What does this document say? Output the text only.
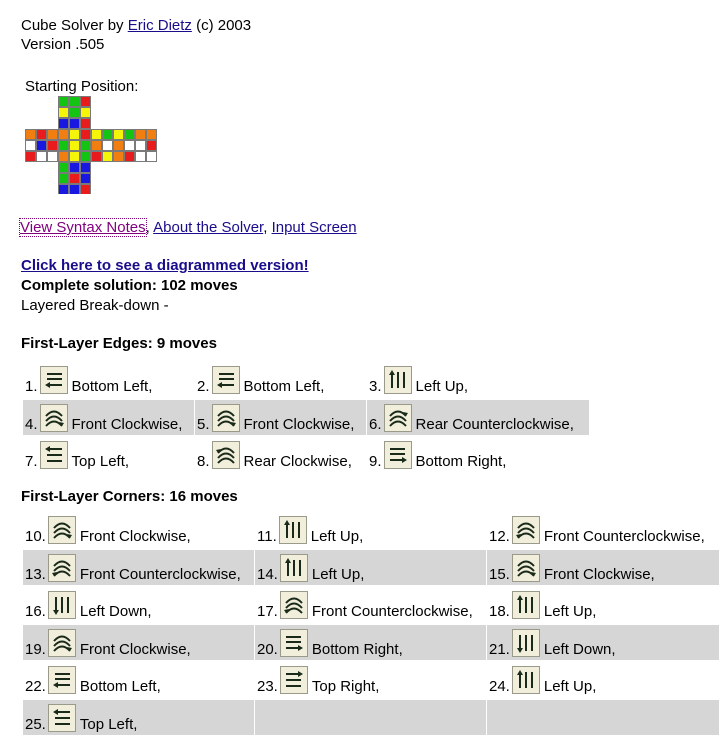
Cube Solver by Eric Dietz (c) 2003
Version .505
Starting Position:
View Syntax Notes, About the Solver, Input Screen
Click here to see a diagrammed version!
Complete solution: 102 moves
Layered Break-down -
First-Layer Edges: 9 moves
1. Bottom Left,	2. Bottom Left,	3. Left Up,
4. Front Clockwise, 5. Front Clockwise, 6. Rear Counterclockwise,
7. Top Left,	8. Rear Clockwise, 9. Bottom Right,
First-Layer Corners: 16 moves
10. Front Clockwise,	11. Left Up,	12. Front Counterclockwise,
13. Front Counterclockwise, 14. Left Up,	15. Front Clockwise,
16. Left Down,	17. Front Counterclockwise, 18. Left Up,
19. Front Clockwise,	20. Bottom Right,	21. Left Down,
22. Bottom Left,	23. Top Right,	24. Left Up,
25. Top Left,
